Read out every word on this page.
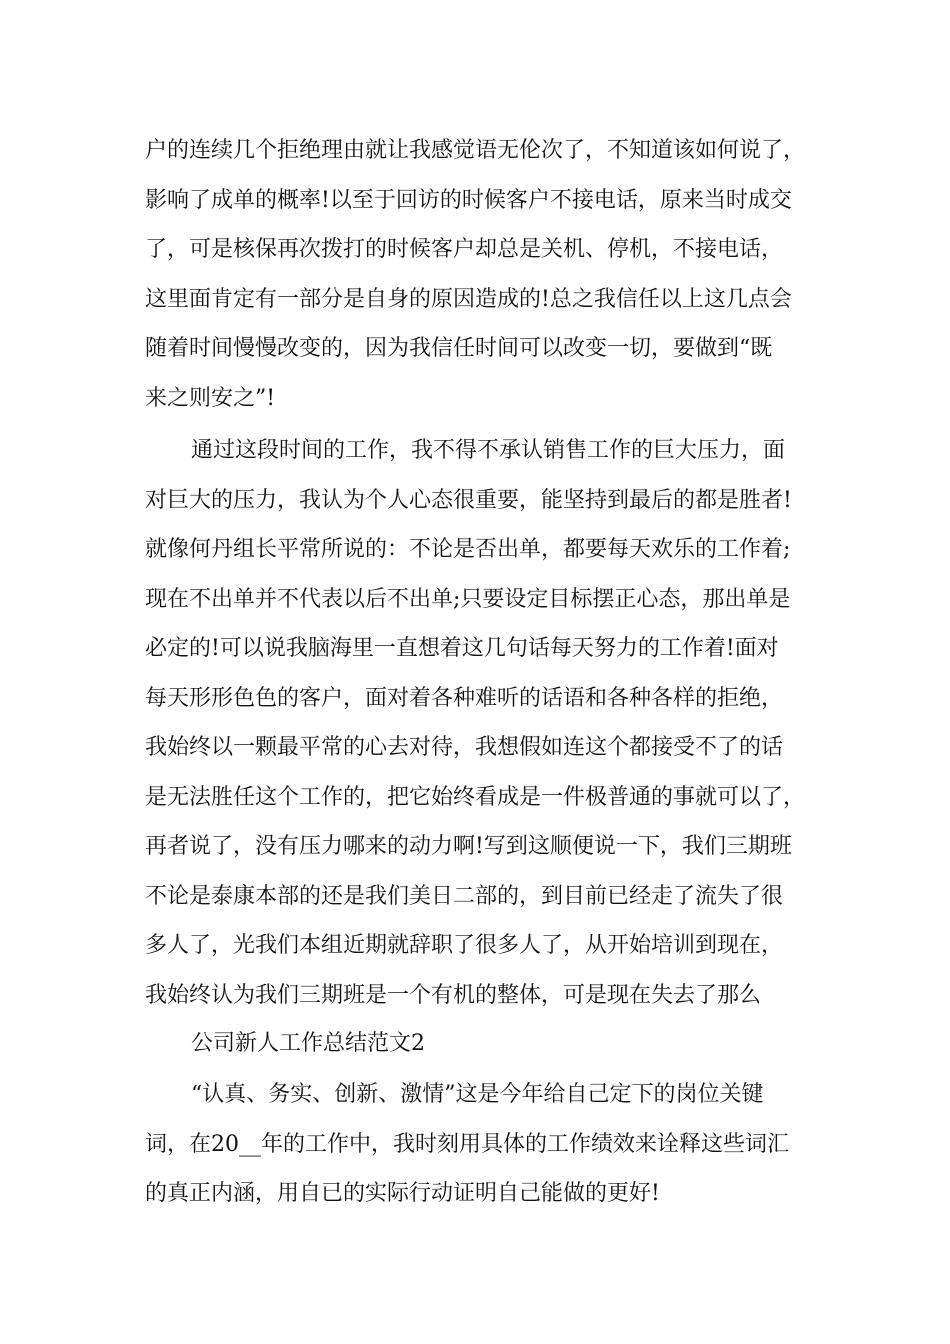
户的连续几个拒绝理由就让我感觉语无伦次了，不知道该如何说了，
影响了成单的概率!以至于回访的时候客户不接电话，原来当时成交
了，可是核保再次拨打的时候客户却总是关机、停机，不接电话，
这里面肯定有一部分是自身的原因造成的!总之我信任以上这几点会
随着时间慢慢改变的，因为我信任时间可以改变一切，要做到“既
来之则安之”!
通过这段时间的工作，我不得不承认销售工作的巨大压力，面
对巨大的压力，我认为个人心态很重要，能坚持到最后的都是胜者!
就像何丹组长平常所说的：不论是否出单，都要每天欢乐的工作着;
现在不出单并不代表以后不出单;只要设定目标摆正心态，那出单是
必定的!可以说我脑海里一直想着这几句话每天努力的工作着!面对
每天形形色色的客户，面对着各种难听的话语和各种各样的拒绝，
我始终以一颗最平常的心去对待，我想假如连这个都接受不了的话
是无法胜任这个工作的，把它始终看成是一件极普通的事就可以了，
再者说了，没有压力哪来的动力啊!写到这顺便说一下，我们三期班
不论是泰康本部的还是我们美日二部的，到目前已经走了流失了很
多人了，光我们本组近期就辞职了很多人了，从开始培训到现在，
我始终认为我们三期班是一个有机的整体，可是现在失去了那么
公司新人工作总结范文2
“认真、务实、创新、激情”这是今年给自己定下的岗位关键
词，在20__年的工作中，我时刻用具体的工作绩效来诠释这些词汇
的真正内涵，用自已的实际行动证明自己能做的更好!
